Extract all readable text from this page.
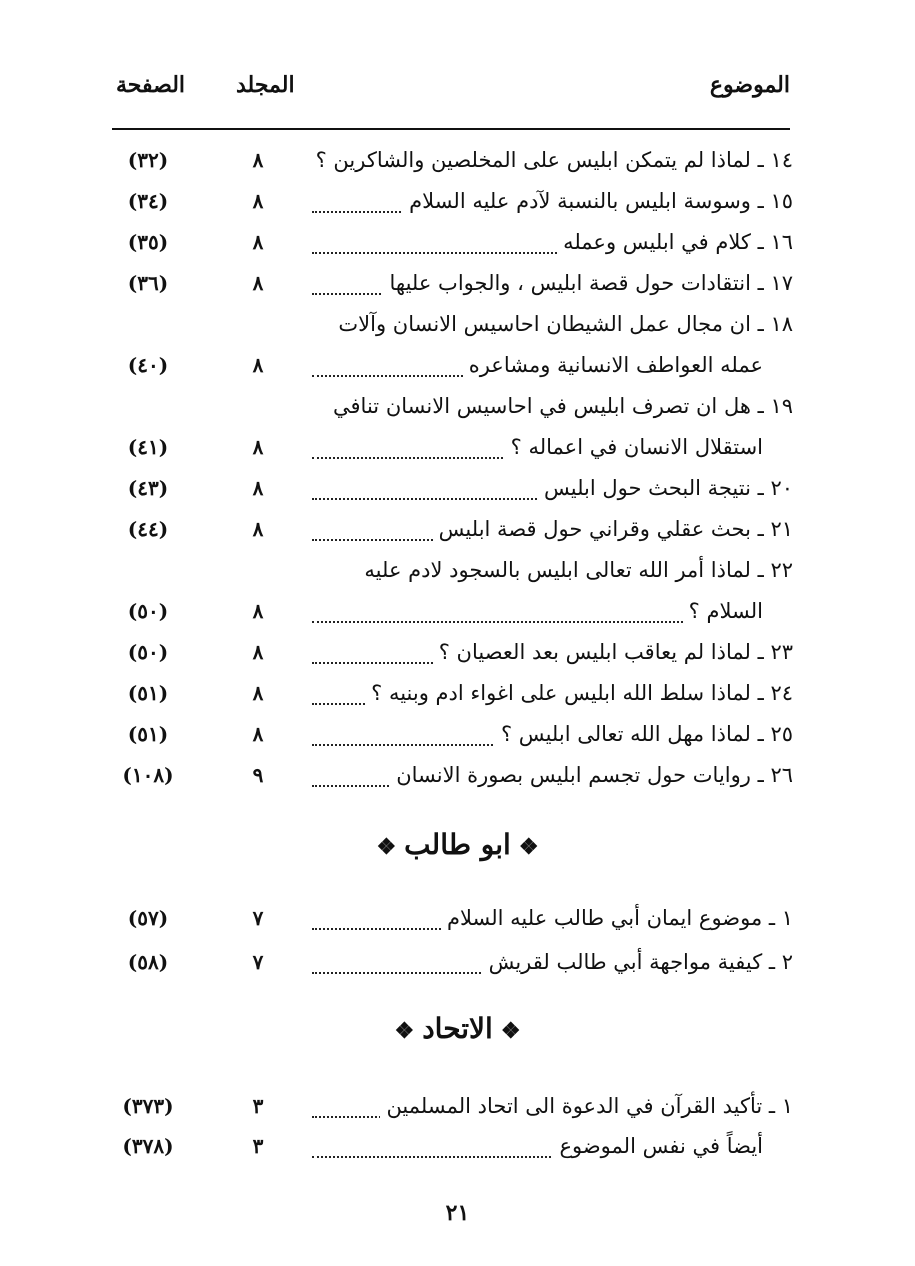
الموضوع
المجلد
الصفحة
١٤ ـ لماذا لم يتمكن ابليس على المخلصين والشاكرين ؟
٨
(٣٢)
١٥ ـ وسوسة ابليس بالنسبة لآدم عليه السلام
٨
(٣٤)
١٦ ـ كلام في ابليس وعمله
٨
(٣٥)
١٧ ـ انتقادات حول قصة ابليس ، والجواب عليها
٨
(٣٦)
١٨ ـ ان مجال عمل الشيطان احاسيس الانسان وآلات
عمله العواطف الانسانية ومشاعره
٨
(٤٠)
١٩ ـ هل ان تصرف ابليس في احاسيس الانسان تنافي
استقلال الانسان في اعماله ؟
٨
(٤١)
٢٠ ـ نتيجة البحث حول ابليس
٨
(٤٣)
٢١ ـ بحث عقلي وقراني حول قصة ابليس
٨
(٤٤)
٢٢ ـ لماذا أمر الله تعالى ابليس بالسجود لادم عليه
السلام ؟
٨
(٥٠)
٢٣ ـ لماذا لم يعاقب ابليس بعد العصيان ؟
٨
(٥٠)
٢٤ ـ لماذا سلط الله ابليس على اغواء ادم وبنيه ؟
٨
(٥١)
٢٥ ـ لماذا مهل الله تعالى ابليس ؟
٨
(٥١)
٢٦ ـ روايات حول تجسم ابليس بصورة الانسان
٩
(١٠٨)
❖ابو طالب❖
١ ـ موضوع ايمان أبي طالب عليه السلام
٧
(٥٧)
٢ ـ كيفية مواجهة أبي طالب لقريش
٧
(٥٨)
❖الاتحاد❖
١ ـ تأكيد القرآن في الدعوة الى اتحاد المسلمين
٣
(٣٧٣)
أيضاً في نفس الموضوع
٣
(٣٧٨)
٢١
